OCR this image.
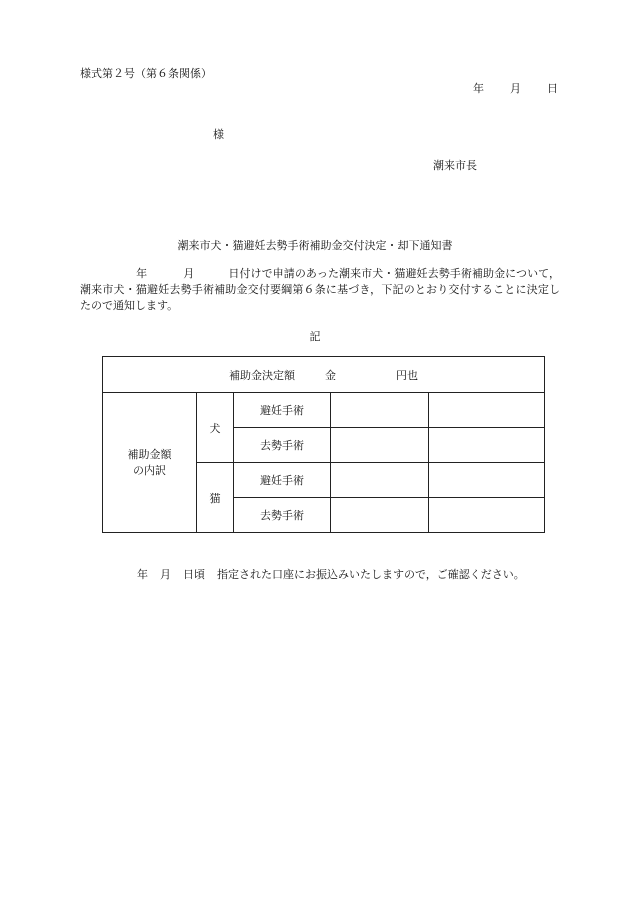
様式第２号（第６条関係）
年 月 日
様
潮来市長
潮来市犬・猫避妊去勢手術補助金交付決定・却下通知書
年	月	日付けで申請のあった潮来市犬・猫避妊去勢手術補助金について，潮来市犬・猫避妊去勢手術補助金交付要綱第６条に基づき，下記のとおり交付することに決定したので通知します。
記
補助金決定額 金 円也				

補助金額
の内訳	犬	避妊手術		
		去勢手術		
	猫	避妊手術		
		去勢手術		
年 月 日頃 指定された口座にお振込みいたしますので，ご確認ください。
